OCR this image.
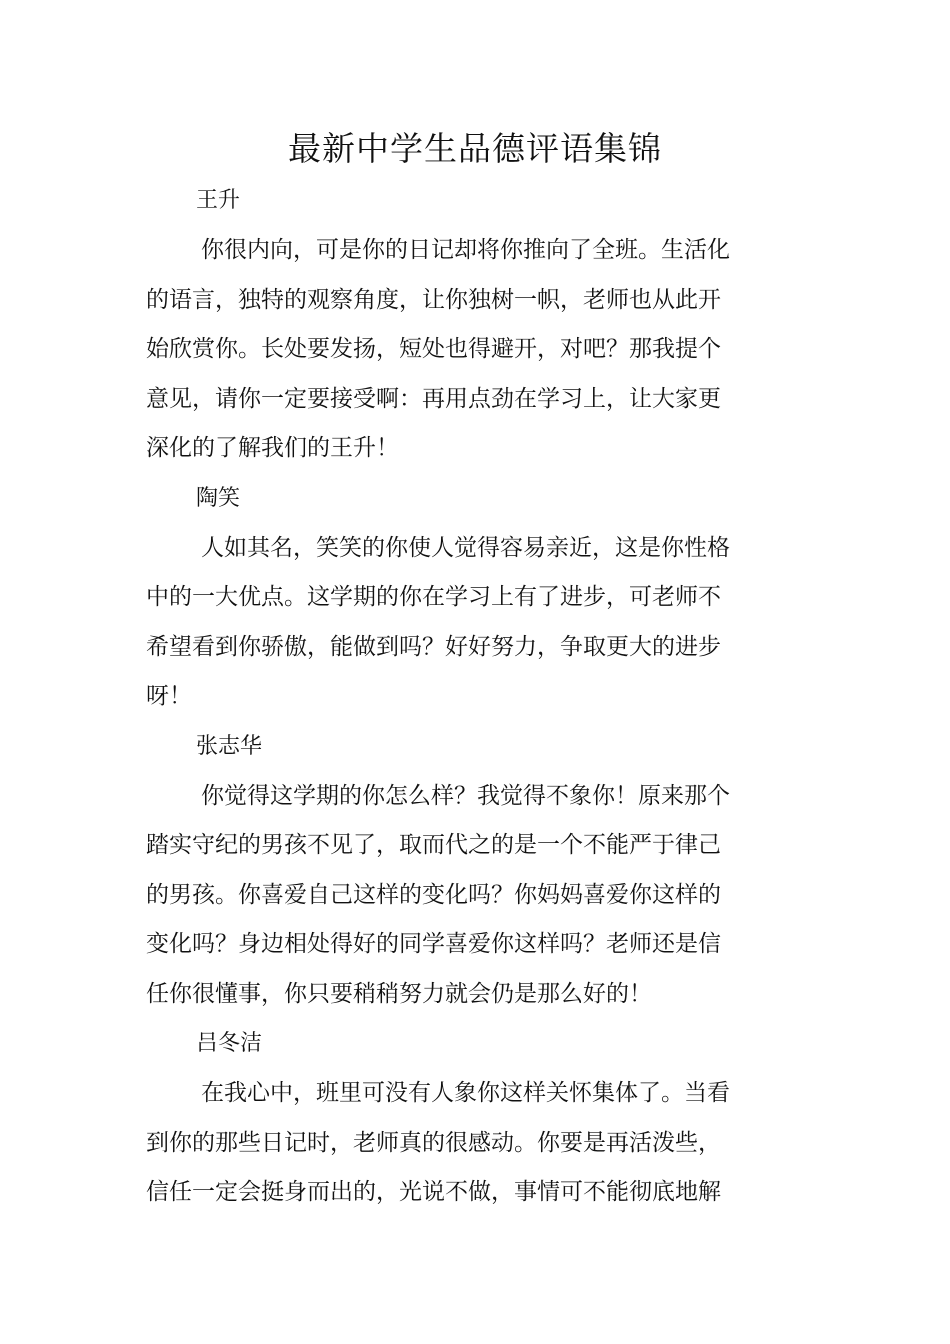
最新中学生品德评语集锦

王升

你很内向，可是你的日记却将你推向了全班。生活化
的语言，独特的观察角度，让你独树一帜，老师也从此开
始欣赏你。长处要发扬，短处也得避开，对吧？那我提个
意见，请你一定要接受啊：再用点劲在学习上，让大家更
深化的了解我们的王升！

陶笑

人如其名，笑笑的你使人觉得容易亲近，这是你性格
中的一大优点。这学期的你在学习上有了进步，可老师不
希望看到你骄傲，能做到吗？好好努力，争取更大的进步
呀！

张志华

你觉得这学期的你怎么样？我觉得不象你！原来那个
踏实守纪的男孩不见了，取而代之的是一个不能严于律己
的男孩。你喜爱自己这样的变化吗？你妈妈喜爱你这样的
变化吗？身边相处得好的同学喜爱你这样吗？老师还是信
任你很懂事，你只要稍稍努力就会仍是那么好的！

吕冬洁

在我心中，班里可没有人象你这样关怀集体了。当看
到你的那些日记时，老师真的很感动。你要是再活泼些，
信任一定会挺身而出的，光说不做，事情可不能彻底地解
